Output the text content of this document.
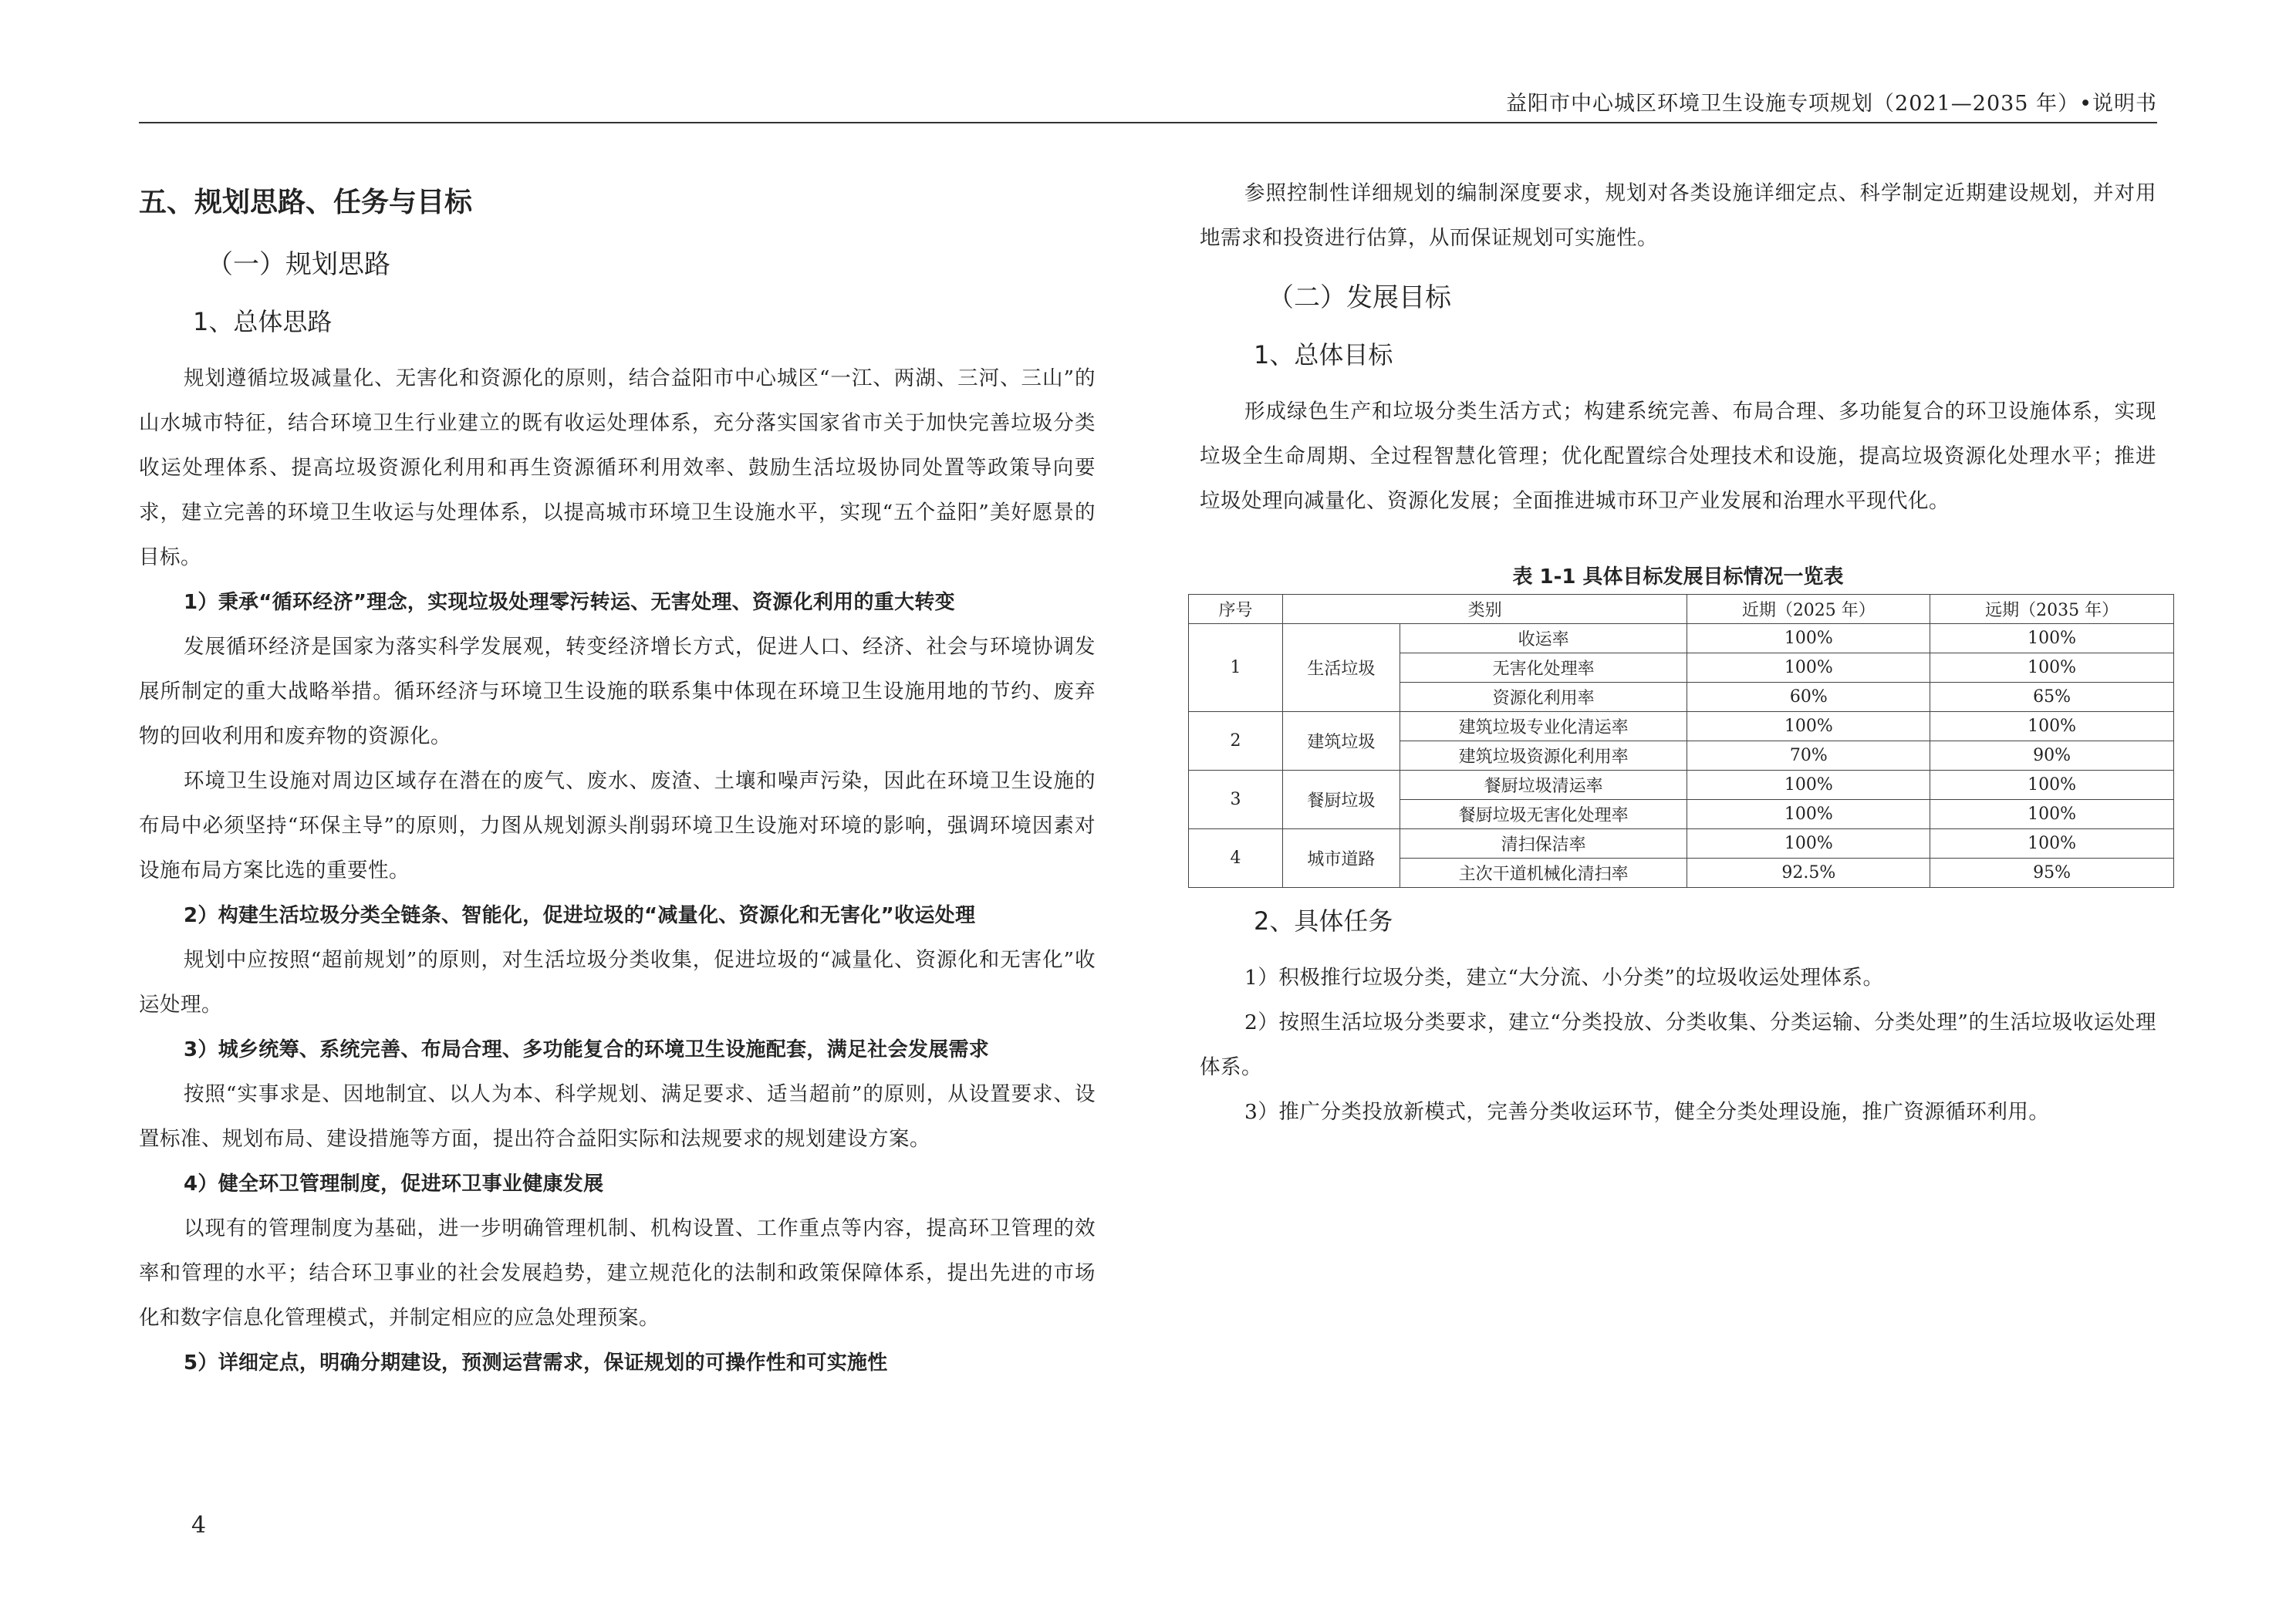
益阳市中心城区环境卫生设施专项规划（2021—2035 年）•说明书
五、规划思路、任务与目标
（一）规划思路
1、总体思路

规划遵循垃圾减量化、无害化和资源化的原则，结合益阳市中心城区“一江、两湖、三河、三山”的山水城市特征，结合环境卫生行业建立的既有收运处理体系，充分落实国家省市关于加快完善垃圾分类收运处理体系、提高垃圾资源化利用和再生资源循环利用效率、鼓励生活垃圾协同处置等政策导向要求，建立完善的环境卫生收运与处理体系，以提高城市环境卫生设施水平，实现“五个益阳”美好愿景的目标。

1）秉承“循环经济”理念，实现垃圾处理零污转运、无害处理、资源化利用的重大转变

发展循环经济是国家为落实科学发展观，转变经济增长方式，促进人口、经济、社会与环境协调发展所制定的重大战略举措。循环经济与环境卫生设施的联系集中体现在环境卫生设施用地的节约、废弃物的回收利用和废弃物的资源化。

环境卫生设施对周边区域存在潜在的废气、废水、废渣、土壤和噪声污染，因此在环境卫生设施的布局中必须坚持“环保主导”的原则，力图从规划源头削弱环境卫生设施对环境的影响，强调环境因素对设施布局方案比选的重要性。

2）构建生活垃圾分类全链条、智能化，促进垃圾的“减量化、资源化和无害化”收运处理

规划中应按照“超前规划”的原则，对生活垃圾分类收集，促进垃圾的“减量化、资源化和无害化”收运处理。

3）城乡统筹、系统完善、布局合理、多功能复合的环境卫生设施配套，满足社会发展需求

按照“实事求是、因地制宜、以人为本、科学规划、满足要求、适当超前”的原则，从设置要求、设置标准、规划布局、建设措施等方面，提出符合益阳实际和法规要求的规划建设方案。

4）健全环卫管理制度，促进环卫事业健康发展

以现有的管理制度为基础，进一步明确管理机制、机构设置、工作重点等内容，提高环卫管理的效率和管理的水平；结合环卫事业的社会发展趋势，建立规范化的法制和政策保障体系，提出先进的市场化和数字信息化管理模式，并制定相应的应急处理预案。

5）详细定点，明确分期建设，预测运营需求，保证规划的可操作性和可实施性

参照控制性详细规划的编制深度要求，规划对各类设施详细定点、科学制定近期建设规划，并对用地需求和投资进行估算，从而保证规划可实施性。

（二）发展目标
1、总体目标

形成绿色生产和垃圾分类生活方式；构建系统完善、布局合理、多功能复合的环卫设施体系，实现垃圾全生命周期、全过程智慧化管理；优化配置综合处理技术和设施，提高垃圾资源化处理水平；推进垃圾处理向减量化、资源化发展；全面推进城市环卫产业发展和治理水平现代化。

表 1-1 具体目标发展目标情况一览表
序号	类别		近期（2025 年）	远期（2035 年）
1	生活垃圾	收运率	100%	100%
		无害化处理率	100%	100%
		资源化利用率	60%	65%
2	建筑垃圾	建筑垃圾专业化清运率	100%	100%
		建筑垃圾资源化利用率	70%	90%
3	餐厨垃圾	餐厨垃圾清运率	100%	100%
		餐厨垃圾无害化处理率	100%	100%
4	城市道路	清扫保洁率	100%	100%
		主次干道机械化清扫率	92.5%	95%
2、具体任务

1）积极推行垃圾分类，建立“大分流、小分类”的垃圾收运处理体系。

2）按照生活垃圾分类要求，建立“分类投放、分类收集、分类运输、分类处理”的生活垃圾收运处理体系。

3）推广分类投放新模式，完善分类收运环节，健全分类处理设施，推广资源循环利用。

4
